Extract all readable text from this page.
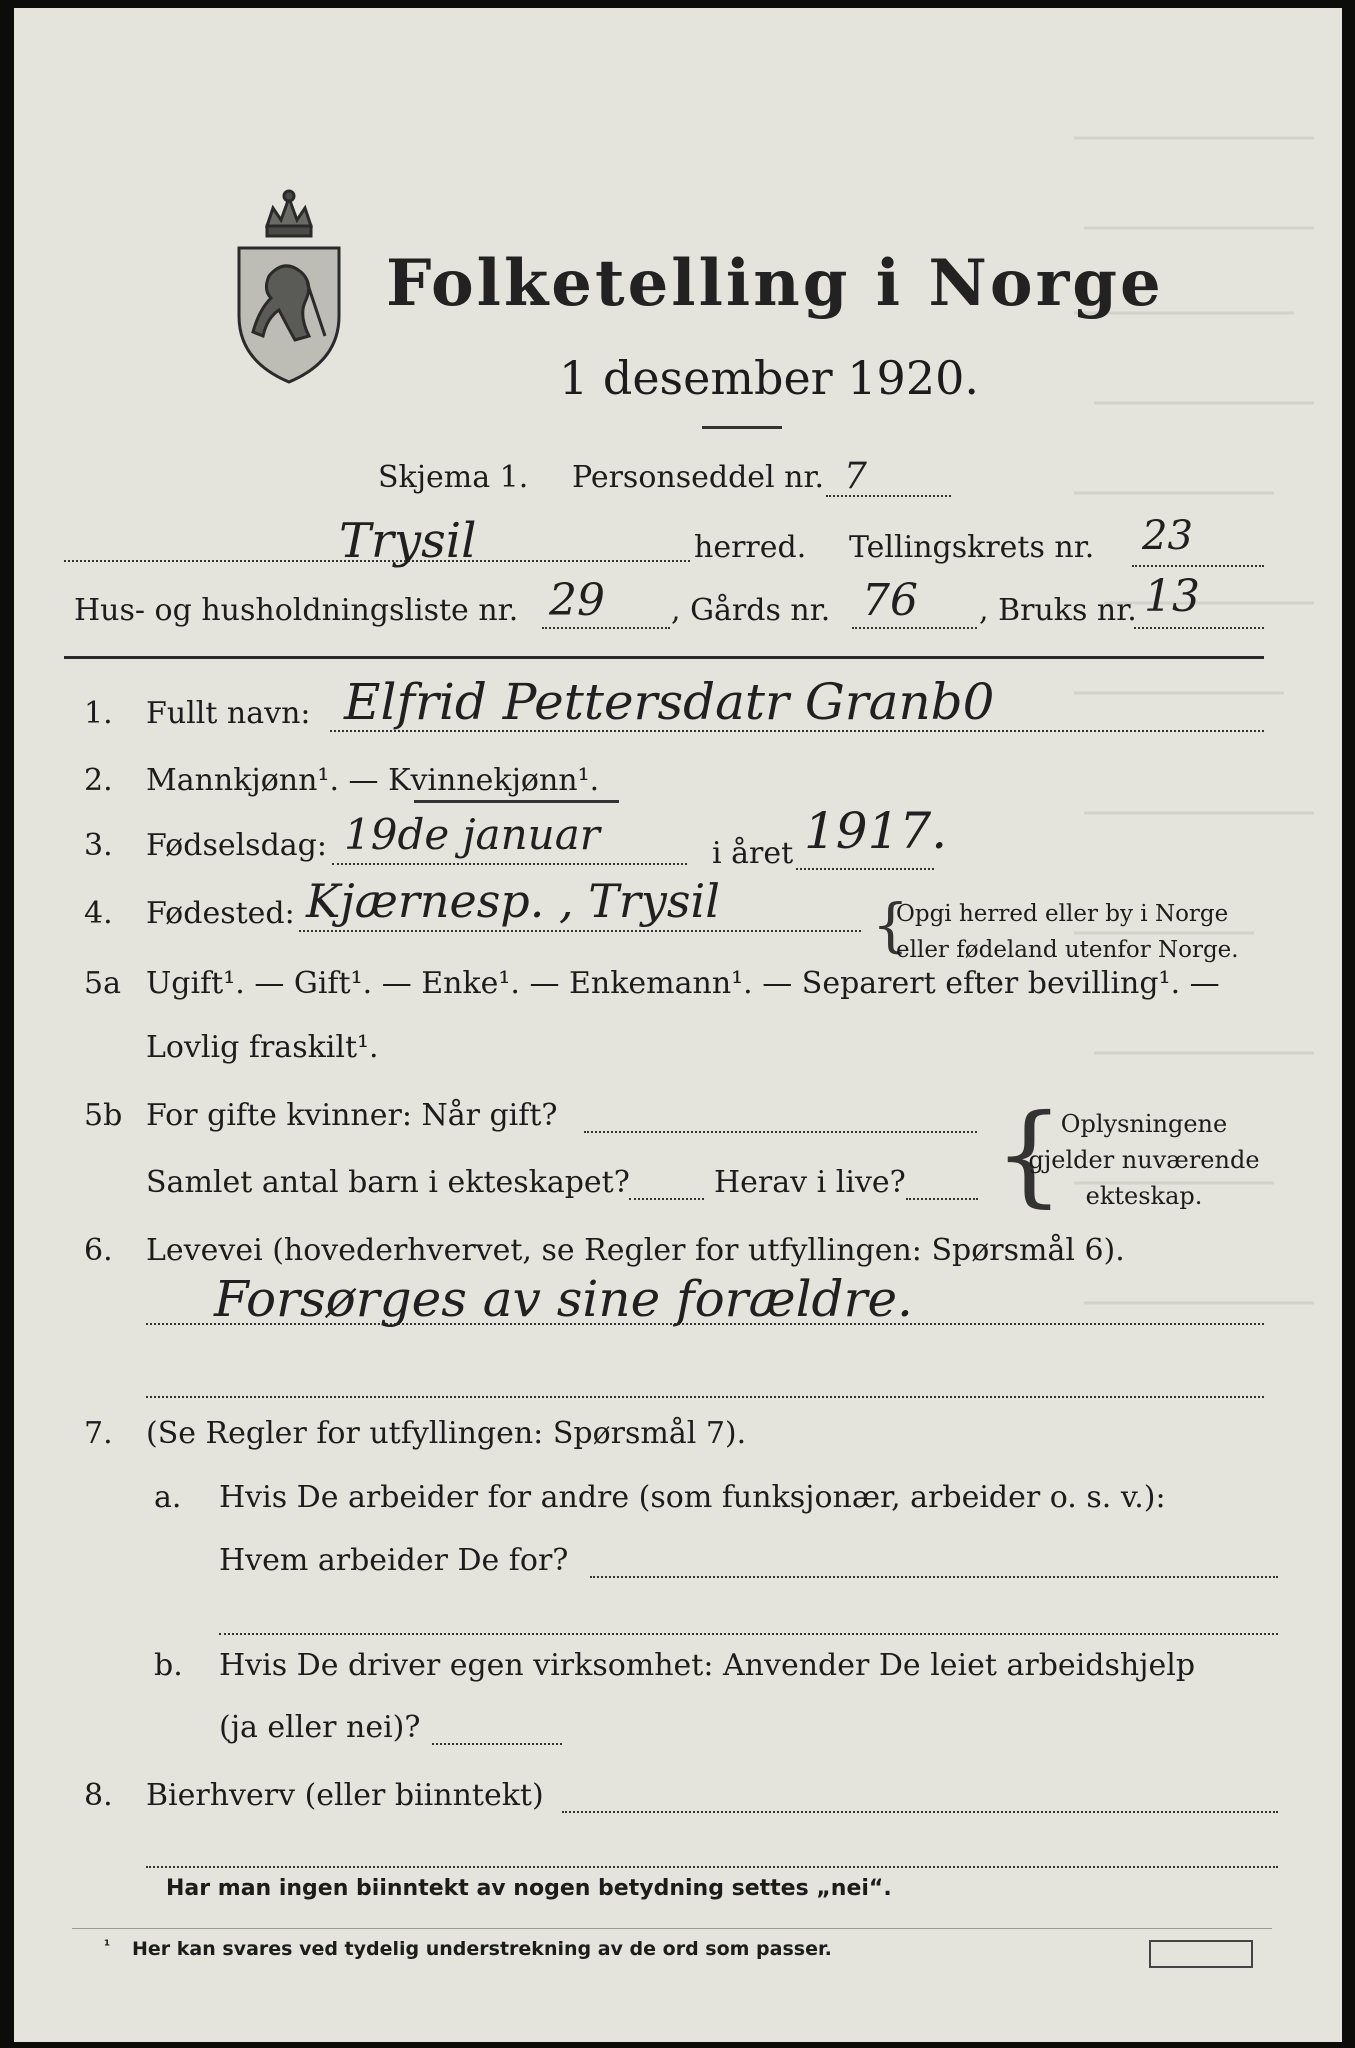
Folketelling i Norge
1 desember 1920.
Skjema 1. Personseddel nr. 7
Trysil	herred. Tellingskrets nr. 23
Hus- og husholdningsliste nr. 29 , Gårds nr. 76 , Bruks nr. 13
1. Fullt navn: Elfrid Pettersdatr Granb0
2. Mannkjønn¹. — Kvinnekjønn¹.
3. Fødselsdag: 19de januar	i året 1917.
4. Fødested: Kjærnesp. , Trysil	{
Opgi herred eller by i Norge
eller fødeland utenfor Norge.
5a Ugift¹. — Gift¹. — Enke¹. — Enkemann¹. — Separert efter bevilling¹. —
Lovlig fraskilt¹.
5b For gifte kvinner: Når gift?
Samlet antal barn i ekteskapet?	Herav i live? {
Oplysningene
gjelder nuværende
ekteskap.
6. Levevei (hovederhvervet, se Regler for utfyllingen: Spørsmål 6).
Forsørges av sine forældre.
7. (Se Regler for utfyllingen: Spørsmål 7).
a. Hvis De arbeider for andre (som funksjonær, arbeider o. s. v.):
Hvem arbeider De for?
b. Hvis De driver egen virksomhet: Anvender De leiet arbeidshjelp
(ja eller nei)?
8. Bierhverv (eller biinntekt)
Har man ingen biinntekt av nogen betydning settes „nei“.
¹ Her kan svares ved tydelig understrekning av de ord som passer.
